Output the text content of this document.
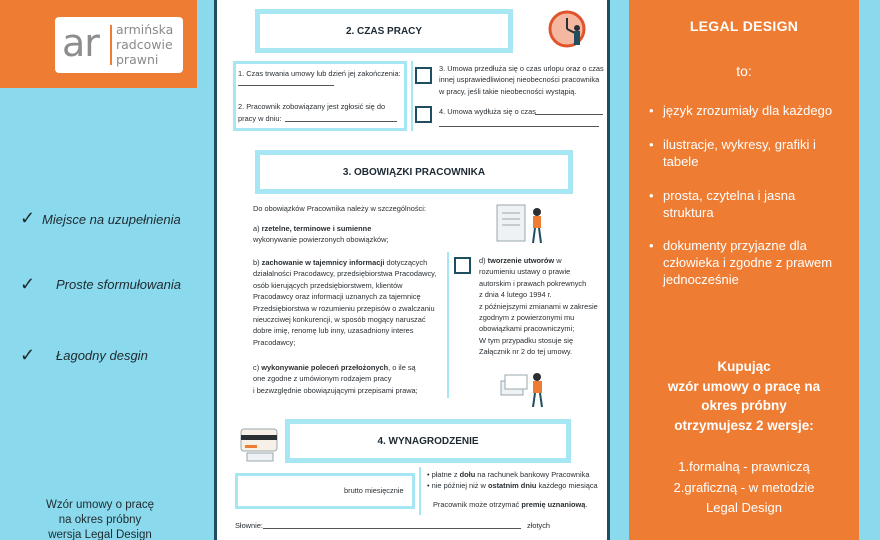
ar armińska
radcowie
prawni
✓ Miejsce na uzupełnienia
✓ Proste sformułowania
✓ Łagodny desgin
Wzór umowy o pracę
na okres próbny
wersja Legal Design
2. CZAS PRACY
1. Czas trwania umowy lub dzień jej zakończenia:
2. Pracownik zobowiązany jest zgłosić się do
pracy w dniu:
3. Umowa przedłuża się o czas urlopu oraz o czas
innej usprawiedliwionej nieobecności pracownika
w pracy, jeśli takie nieobecności wystąpią.
4. Umowa wydłuża się o czas
3. OBOWIĄZKI PRACOWNIKA
Do obowiązków Pracownika należy w szczególności:
a) rzetelne, terminowe i sumienne
wykonywanie powierzonych obowiązków;
b) zachowanie w tajemnicy informacji dotyczących
działalności Pracodawcy, przedsiębiorstwa Pracodawcy,
osób kierujących przedsiębiorstwem, klientów
Pracodawcy oraz informacji uznanych za tajemnicę
Przedsiębiorstwa w rozumieniu przepisów o zwalczaniu
nieuczciwej konkurencji, w sposób mogący naruszać
dobre imię, renomę lub inny, uzasadniony interes
Pracodawcy;
c) wykonywanie poleceń przełożonych, o ile są
one zgodne z umówionym rodzajem pracy
i bezwzględnie obowiązującymi przepisami prawa;
d) tworzenie utworów w
rozumieniu ustawy o prawie
autorskim i prawach pokrewnych
z dnia 4 lutego 1994 r.
z późniejszymi zmianami w zakresie
zgodnym z powierzonymi mu
obowiązkami pracowniczymi;
W tym przypadku stosuje się
Załącznik nr 2 do tej umowy.
4. WYNAGRODZENIE
brutto miesięcznie
• płatne z dołu na rachunek bankowy Pracownika
• nie później niż w ostatnim dniu każdego miesiąca
Pracownik może otrzymać premię uznaniową.
Słownie:	złotych
LEGAL DESIGN
to:
• język zrozumiały dla każdego
• ilustracje, wykresy, grafiki i tabele
• prosta, czytelna i jasna struktura
• dokumenty przyjazne dla człowieka i zgodne z prawem jednocześnie
Kupując
wzór umowy o pracę na
okres próbny
otrzymujesz 2 wersje:
1.formalną - prawniczą
2.graficzną - w metodzie
Legal Design
